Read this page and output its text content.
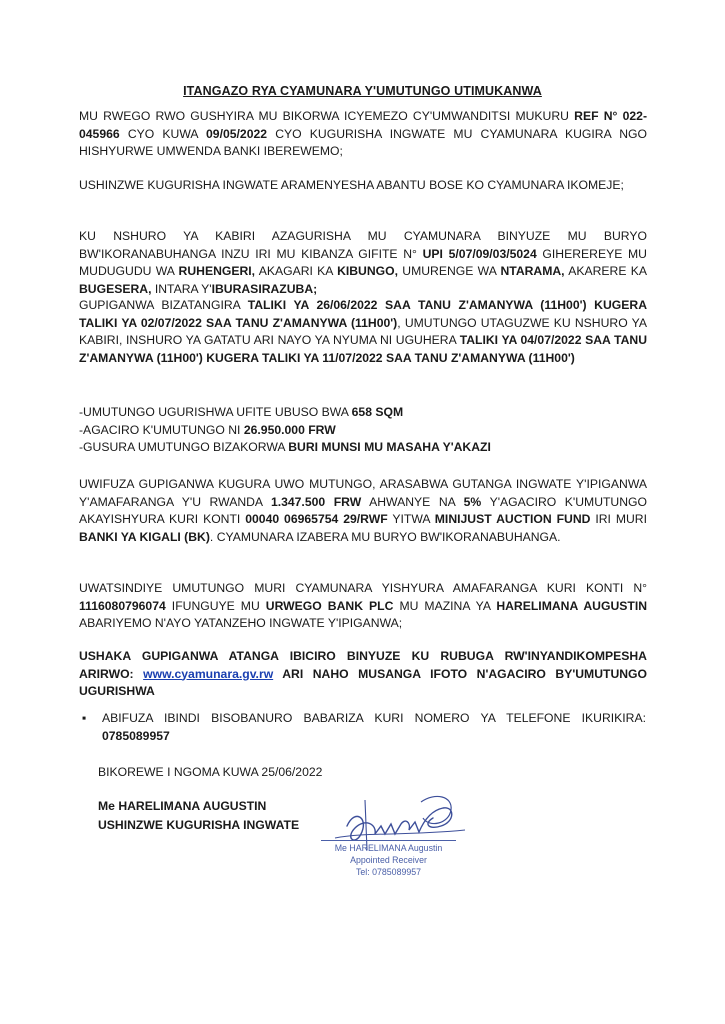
ITANGAZO RYA CYAMUNARA Y'UMUTUNGO UTIMUKANWA

MU RWEGO RWO GUSHYIRA MU BIKORWA ICYEMEZO CY'UMWANDITSI MUKURU REF N° 022-045966 CYO KUWA 09/05/2022 CYO KUGURISHA INGWATE MU CYAMUNARA KUGIRA NGO HISHYURWE UMWENDA BANKI IBEREWEMO;

USHINZWE KUGURISHA INGWATE ARAMENYESHA ABANTU BOSE KO CYAMUNARA IKOMEJE;

KU NSHURO YA KABIRI AZAGURISHA MU CYAMUNARA BINYUZE MU BURYO BW'IKORANABUHANGA INZU IRI MU KIBANZA GIFITE N° UPI 5/07/09/03/5024 GIHEREREYE MU MUDUGUDU WA RUHENGERI, AKAGARI KA KIBUNGO, UMURENGE WA NTARAMA, AKARERE KA BUGESERA, INTARA Y'IBURASIRAZUBA;

GUPIGANWA BIZATANGIRA TALIKI YA 26/06/2022 SAA TANU Z'AMANYWA (11H00') KUGERA TALIKI YA 02/07/2022 SAA TANU Z'AMANYWA (11H00'), UMUTUNGO UTAGUZWE KU NSHURO YA KABIRI, INSHURO YA GATATU ARI NAYO YA NYUMA NI UGUHERA TALIKI YA 04/07/2022 SAA TANU Z'AMANYWA (11H00') KUGERA TALIKI YA 11/07/2022 SAA TANU Z'AMANYWA (11H00')

-UMUTUNGO UGURISHWA UFITE UBUSO BWA 658 SQM
-AGACIRO K'UMUTUNGO NI 26.950.000 FRW
-GUSURA UMUTUNGO BIZAKORWA BURI MUNSI MU MASAHA Y'AKAZI

UWIFUZA GUPIGANWA KUGURA UWO MUTUNGO, ARASABWA GUTANGA INGWATE Y'IPIGANWA Y'AMAFARANGA Y'U RWANDA 1.347.500 FRW AHWANYE NA 5% Y'AGACIRO K'UMUTUNGO AKAYISHYURA KURI KONTI 00040 06965754 29/RWF YITWA MINIJUST AUCTION FUND IRI MURI BANKI YA KIGALI (BK). CYAMUNARA IZABERA MU BURYO BW'IKORANABUHANGA.

UWATSINDIYE UMUTUNGO MURI CYAMUNARA YISHYURA AMAFARANGA KURI KONTI N° 1116080796074 IFUNGUYE MU URWEGO BANK PLC MU MAZINA YA HARELIMANA AUGUSTIN ABARIYEMO N'AYO YATANZEHO INGWATE Y'IPIGANWA;

USHAKA GUPIGANWA ATANGA IBICIRO BINYUZE KU RUBUGA RW'INYANDIKOMPESHA ARIRWO: www.cyamunara.gv.rw ARI NAHO MUSANGA IFOTO N'AGACIRO BY'UMUTUNGO UGURISHWA

▪ ABIFUZA IBINDI BISOBANURO BABARIZA KURI NOMERO YA TELEFONE IKURIKIRA: 0785089957
BIKOREWE I NGOMA KUWA 25/06/2022
Me HARELIMANA AUGUSTIN
USHINZWE KUGURISHA INGWATE
Me HARELIMANA Augustin
Appointed Receiver
Tel: 0785089957
